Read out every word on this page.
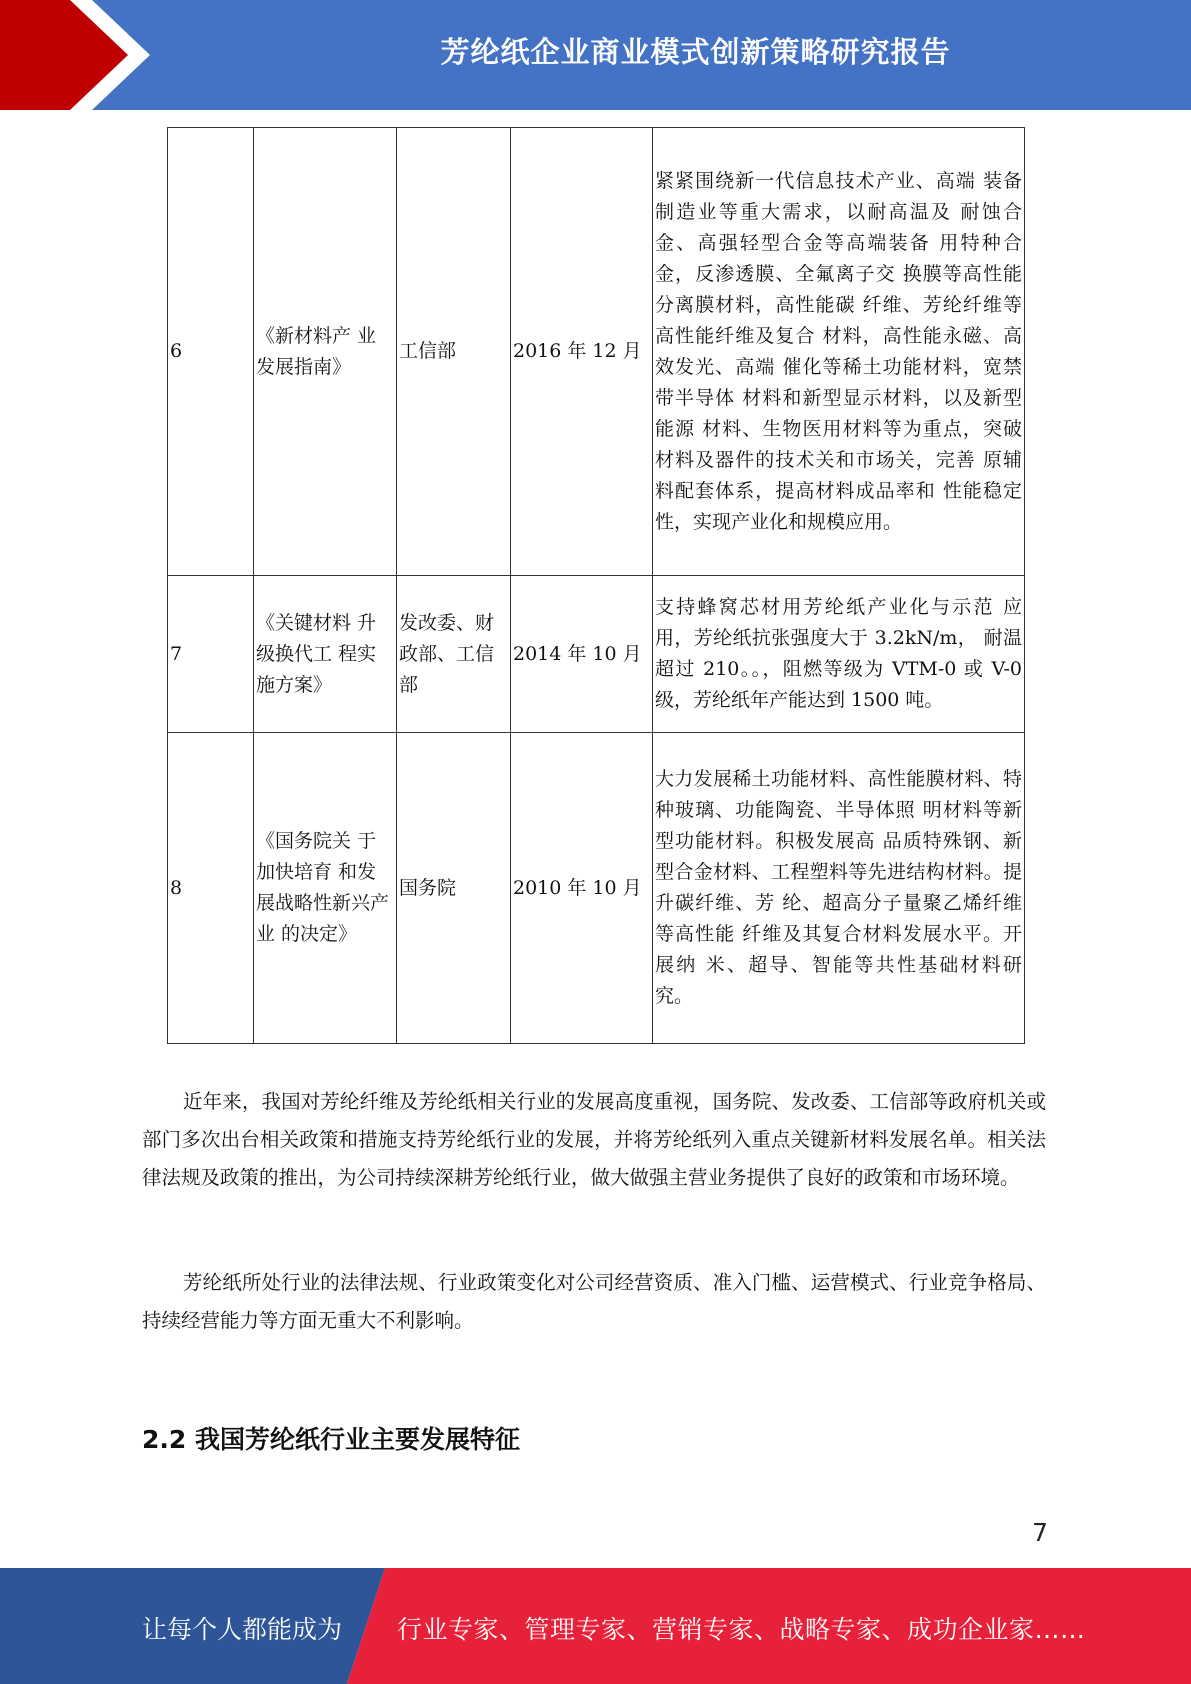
芳纶纸企业商业模式创新策略研究报告
6	《新材料产 业发展指南》	工信部	2016 年 12 月	紧紧围绕新一代信息技术产业、高端 装备制造业等重大需求，以耐高温及 耐蚀合金、高强轻型合金等高端装备 用特种合金，反渗透膜、全氟离子交 换膜等高性能分离膜材料，高性能碳 纤维、芳纶纤维等高性能纤维及复合 材料，高性能永磁、高效发光、高端 催化等稀土功能材料，宽禁带半导体 材料和新型显示材料，以及新型能源 材料、生物医用材料等为重点，突破 材料及器件的技术关和市场关，完善 原辅料配套体系，提高材料成品率和 性能稳定性，实现产业化和规模应用。
7	《关键材料 升级换代工 程实施方案》	发改委、财政部、工信部	2014 年 10 月	支持蜂窝芯材用芳纶纸产业化与示范 应用，芳纶纸抗张强度大于 3.2kN/m， 耐温超过 210。。，阻燃等级为 VTM-0 或 V-0 级，芳纶纸年产能达到 1500 吨。
8	《国务院关 于加快培育 和发展战略性新兴产业 的决定》	国务院	2010 年 10 月	大力发展稀土功能材料、高性能膜材料、特种玻璃、功能陶瓷、半导体照 明材料等新型功能材料。积极发展高 品质特殊钢、新型合金材料、工程塑料等先进结构材料。提升碳纤维、芳 纶、超高分子量聚乙烯纤维等高性能 纤维及其复合材料发展水平。开展纳 米、超导、智能等共性基础材料研究。

近年来，我国对芳纶纤维及芳纶纸相关行业的发展高度重视，国务院、发改委、工信部等政府机关或部门多次出台相关政策和措施支持芳纶纸行业的发展，并将芳纶纸列入重点关键新材料发展名单。相关法律法规及政策的推出，为公司持续深耕芳纶纸行业，做大做强主营业务提供了良好的政策和市场环境。

芳纶纸所处行业的法律法规、行业政策变化对公司经营资质、准入门槛、运营模式、行业竞争格局、持续经营能力等方面无重大不利影响。

2.2 我国芳纶纸行业主要发展特征
7
让每个人都能成为 行业专家、管理专家、营销专家、战略专家、成功企业家……
